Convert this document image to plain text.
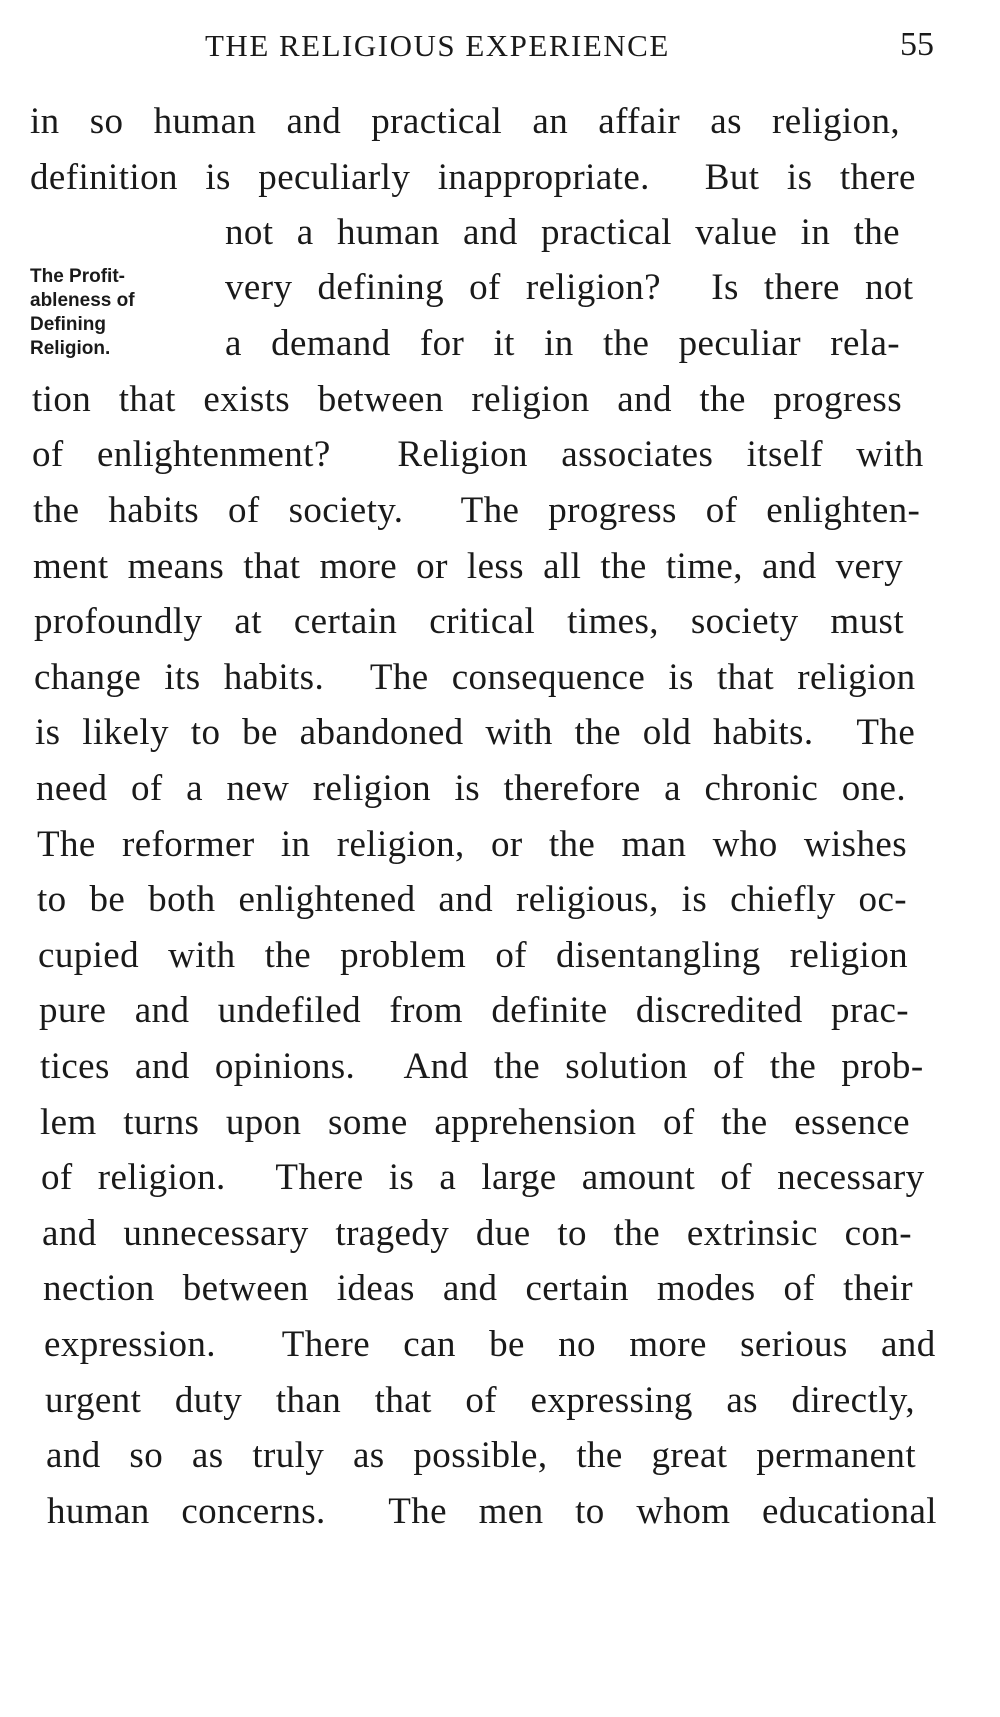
THE RELIGIOUS EXPERIENCE	55
The Profit-
ableness of
Defining
Religion.
in so human and practical an affair as religion,
definition is peculiarly inappropriate.  But is there
not a human and practical value in the
very defining of religion?  Is there not
a demand for it in the peculiar rela-
tion that exists between religion and the progress
of enlightenment?  Religion associates itself with
the habits of society.  The progress of enlighten-
ment means that more or less all the time, and very
profoundly at certain critical times, society must
change its habits.  The consequence is that religion
is likely to be abandoned with the old habits.  The
need of a new religion is therefore a chronic one.
The reformer in religion, or the man who wishes
to be both enlightened and religious, is chiefly oc-
cupied with the problem of disentangling religion
pure and undefiled from definite discredited prac-
tices and opinions.  And the solution of the prob-
lem turns upon some apprehension of the essence
of religion.  There is a large amount of necessary
and unnecessary tragedy due to the extrinsic con-
nection between ideas and certain modes of their
expression.  There can be no more serious and
urgent duty than that of expressing as directly,
and so as truly as possible, the great permanent
human concerns.  The men to whom educational
